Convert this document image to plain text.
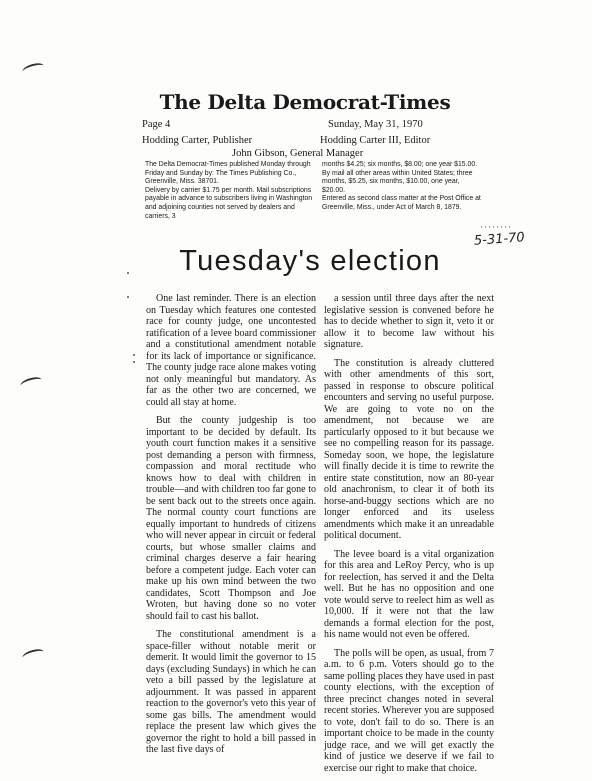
The Delta Democrat-Times
Page 4	Sunday, May 31, 1970
Hodding Carter, Publisher	Hodding Carter III, Editor
John Gibson, General Manager

The Delta Democrat-Times published Monday through Friday and Sunday by: The Times Publishing Co., Greenville, Miss. 38701.

Delivery by carrier $1.75 per month. Mail subscriptions payable in advance to subscribers living in Washington and adjoining counties not served by dealers and carriers, 3

months $4.25; six months, $8.00; one year $15.00.

By mail all other areas within United States; three months, $5.25, six months, $10.00, one year, $20.00.

Entered as second class matter at the Post Office at Greenville, Miss., under Act of March 8, 1879.

········
5-31-70
Tuesday's election

One last reminder. There is an election on Tuesday which features one contested race for county judge, one uncontested ratification of a levee board commissioner and a constitutional amendment notable for its lack of importance or significance. The county judge race alone makes voting not only meaningful but mandatory. As far as the other two are concerned, we could all stay at home.

But the county judgeship is too important to be decided by default. Its youth court function makes it a sensitive post demanding a person with firmness, compassion and moral rectitude who knows how to deal with children in trouble—and with children too far gone to be sent back out to the streets once again. The normal county court functions are equally important to hundreds of citizens who will never appear in circuit or federal courts, but whose smaller claims and criminal charges deserve a fair hearing before a competent judge. Each voter can make up his own mind between the two candidates, Scott Thompson and Joe Wroten, but having done so no voter should fail to cast his ballot.

The constitutional amendment is a space-filler without notable merit or demerit. It would limit the governor to 15 days (excluding Sundays) in which he can veto a bill passed by the legislature at adjournment. It was passed in apparent reaction to the governor's veto this year of some gas bills. The amendment would replace the present law which gives the governor the right to hold a bill passed in the last five days of

a session until three days after the next legislative session is convened before he has to decide whether to sign it, veto it or allow it to become law without his signature.

The constitution is already cluttered with other amendments of this sort, passed in response to obscure political encounters and serving no useful purpose. We are going to vote no on the amendment, not because we are particularly opposed to it but because we see no compelling reason for its passage. Someday soon, we hope, the legislature will finally decide it is time to rewrite the entire state constitution, now an 80-year old anachronism, to clear it of both its horse-and-buggy sections which are no longer enforced and its useless amendments which make it an unreadable political document.

The levee board is a vital organization for this area and LeRoy Percy, who is up for reelection, has served it and the Delta well. But he has no opposition and one vote would serve to reelect him as well as 10,000. If it were not that the law demands a formal election for the post, his name would not even be offered.

The polls will be open, as usual, from 7 a.m. to 6 p.m. Voters should go to the same polling places they have used in past county elections, with the exception of three precinct changes noted in several recent stories. Wherever you are supposed to vote, don't fail to do so. There is an important choice to be made in the county judge race, and we will get exactly the kind of justice we deserve if we fail to exercise our right to make that choice.
